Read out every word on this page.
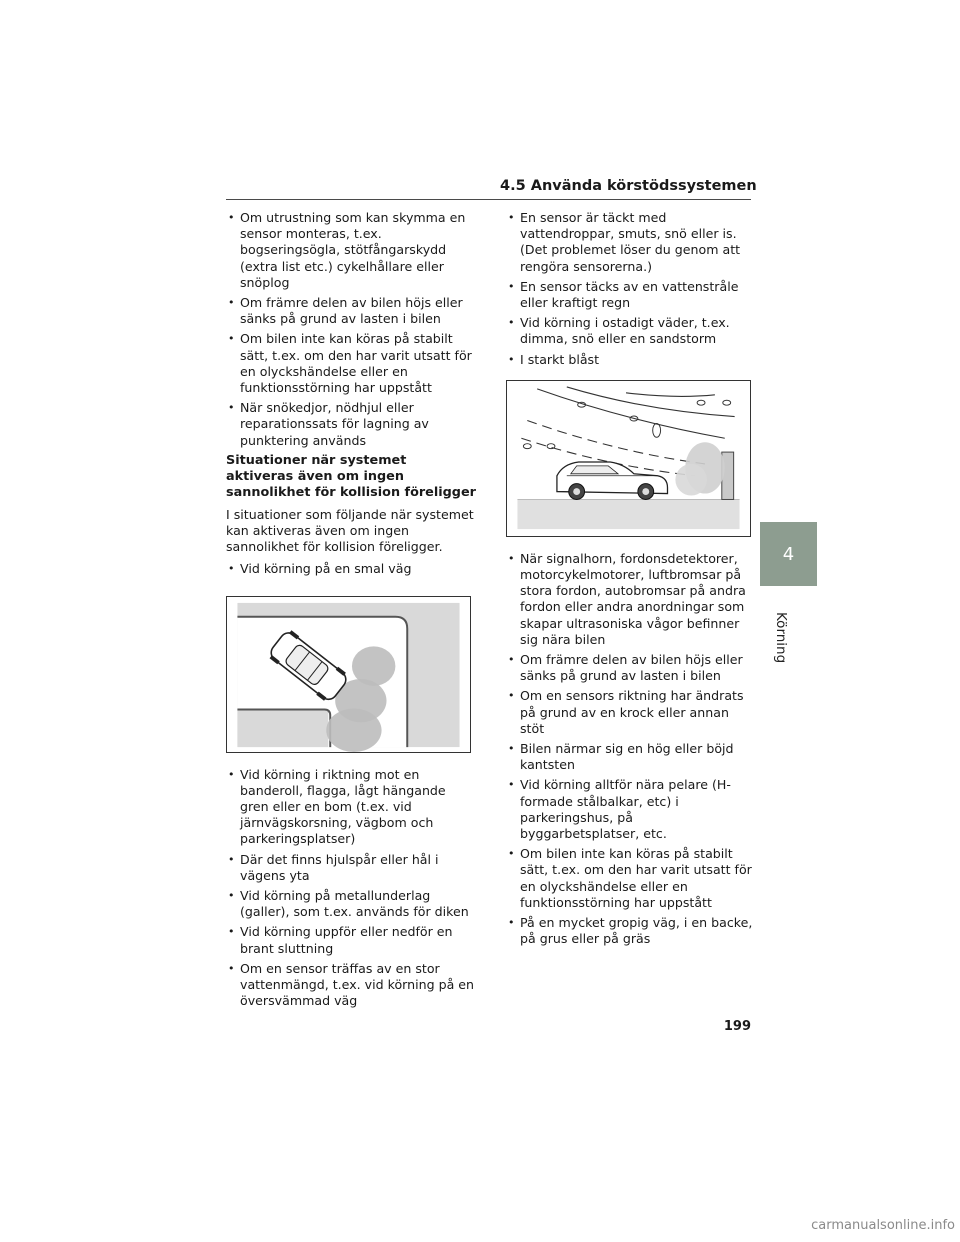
4.5 Använda körstödssystemen
• Om utrustning som kan skymma en sensor monteras, t.ex. bogseringsögla, stötfångarskydd (extra list etc.) cykelhållare eller snöplog
• Om främre delen av bilen höjs eller sänks på grund av lasten i bilen
• Om bilen inte kan köras på stabilt sätt, t.ex. om den har varit utsatt för en olyckshändelse eller en funktionsstörning har uppstått
• När snökedjor, nödhjul eller reparationssats för lagning av punktering används
Situationer när systemet aktiveras även om ingen sannolikhet för kollision föreligger
I situationer som följande när systemet kan aktiveras även om ingen sannolikhet för kollision föreligger.
• Vid körning på en smal väg
• Vid körning i riktning mot en banderoll, flagga, lågt hängande gren eller en bom (t.ex. vid järnvägskorsning, vägbom och parkeringsplatser)
• Där det finns hjulspår eller hål i vägens yta
• Vid körning på metallunderlag (galler), som t.ex. används för diken
• Vid körning uppför eller nedför en brant sluttning
• Om en sensor träffas av en stor vattenmängd, t.ex. vid körning på en översvämmad väg
• En sensor är täckt med vattendroppar, smuts, snö eller is. (Det problemet löser du genom att rengöra sensorerna.)
• En sensor täcks av en vattenstråle eller kraftigt regn
• Vid körning i ostadigt väder, t.ex. dimma, snö eller en sandstorm
• I starkt blåst
• När signalhorn, fordonsdetektorer, motorcykelmotorer, luftbromsar på stora fordon, autobromsar på andra fordon eller andra anordningar som skapar ultrasoniska vågor befinner sig nära bilen
• Om främre delen av bilen höjs eller sänks på grund av lasten i bilen
• Om en sensors riktning har ändrats på grund av en krock eller annan stöt
• Bilen närmar sig en hög eller böjd kantsten
• Vid körning alltför nära pelare (H-formade stålbalkar, etc) i parkeringshus, på byggarbetsplatser, etc.
• Om bilen inte kan köras på stabilt sätt, t.ex. om den har varit utsatt för en olyckshändelse eller en funktionsstörning har uppstått
• På en mycket gropig väg, i en backe, på grus eller på gräs
4
Körning
199
carmanualsonline.info
